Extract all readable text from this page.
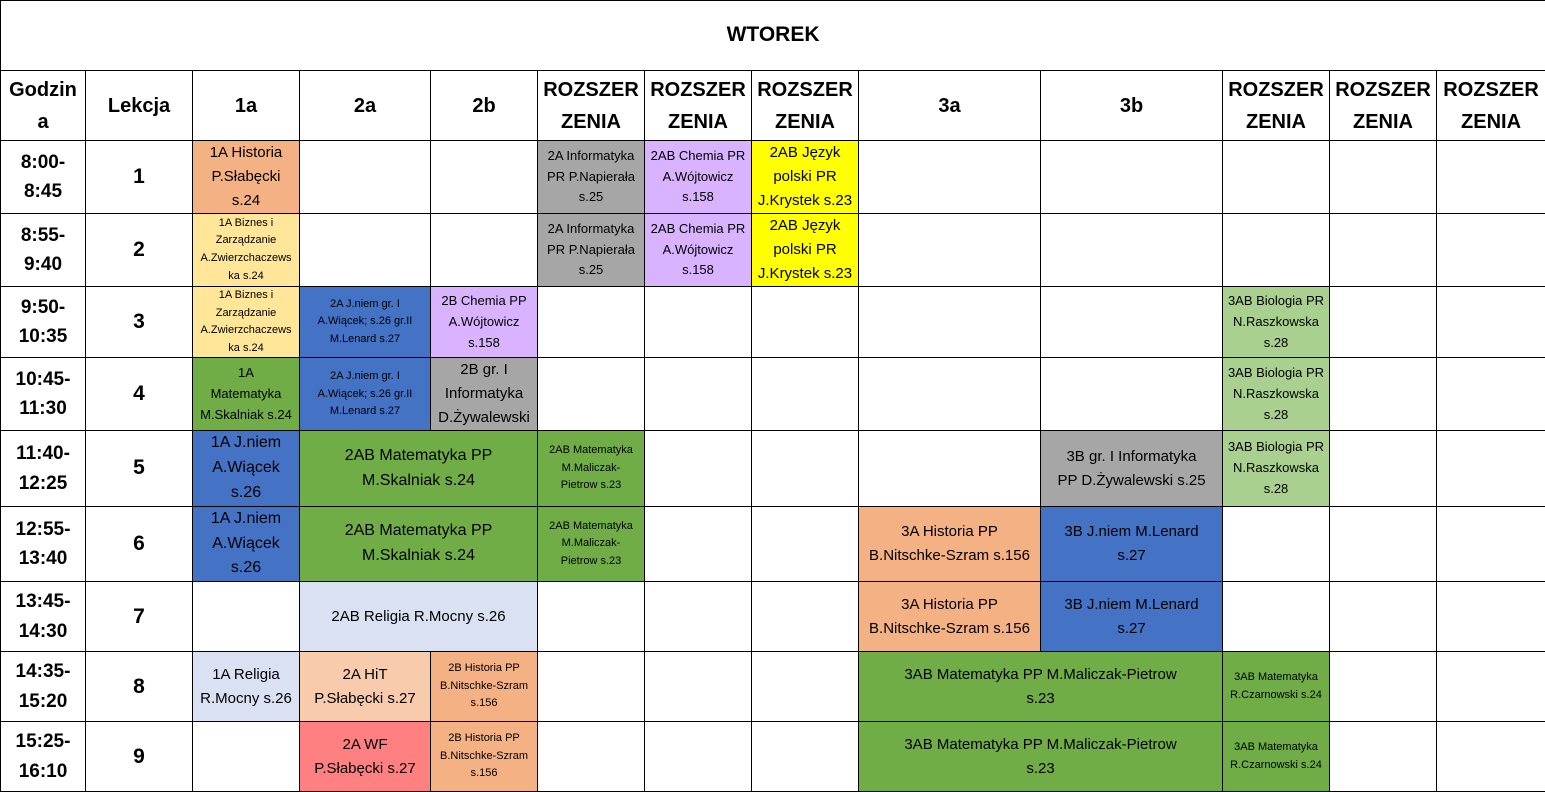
WTOREK												
Godzin
a	Lekcja	1a	2a	2b	ROZSZER
ZENIA	ROZSZER
ZENIA	ROZSZER
ZENIA	3a	3b	ROZSZER
ZENIA	ROZSZER
ZENIA	ROZSZER
ZENIA
8:00-
8:45	1	1A Historia
P.Słabęcki
s.24			2A Informatyka
PR P.Napierała
s.25	2AB Chemia PR
A.Wójtowicz
s.158	2AB Język
polski PR
J.Krystek s.23					
8:55-
9:40	2	1A Biznes i
Zarządzanie
A.Zwierzchaczews
ka s.24			2A Informatyka
PR P.Napierała
s.25	2AB Chemia PR
A.Wójtowicz
s.158	2AB Język
polski PR
J.Krystek s.23					
9:50-
10:35	3	1A Biznes i
Zarządzanie
A.Zwierzchaczews
ka s.24	2A J.niem gr. I
A.Wiącek; s.26 gr.II
M.Lenard s.27	2B Chemia PP
A.Wójtowicz
s.158						3AB Biologia PR
N.Raszkowska
s.28		
10:45-
11:30	4	1A
Matematyka
M.Skalniak s.24	2A J.niem gr. I
A.Wiącek; s.26 gr.II
M.Lenard s.27	2B gr. I
Informatyka
D.Żywalewski						3AB Biologia PR
N.Raszkowska
s.28		
11:40-
12:25	5	1A J.niem
A.Wiącek
s.26	2AB Matematyka PP
M.Skalniak s.24		2AB Matematyka
M.Maliczak-
Pietrow s.23				3B gr. I Informatyka
PP D.Żywalewski s.25	3AB Biologia PR
N.Raszkowska
s.28		
12:55-
13:40	6	1A J.niem
A.Wiącek
s.26	2AB Matematyka PP
M.Skalniak s.24		2AB Matematyka
M.Maliczak-
Pietrow s.23			3A Historia PP
B.Nitschke-Szram s.156	3B J.niem M.Lenard
s.27			
13:45-
14:30	7		2AB Religia R.Mocny s.26					3A Historia PP
B.Nitschke-Szram s.156	3B J.niem M.Lenard
s.27			
14:35-
15:20	8	1A Religia
R.Mocny s.26	2A HiT
P.Słabęcki s.27	2B Historia PP
B.Nitschke-Szram
s.156				3AB Matematyka PP M.Maliczak-Pietrow
s.23		3AB Matematyka
R.Czarnowski s.24		
15:25-
16:10	9		2A WF
P.Słabęcki s.27	2B Historia PP
B.Nitschke-Szram
s.156				3AB Matematyka PP M.Maliczak-Pietrow
s.23		3AB Matematyka
R.Czarnowski s.24		
